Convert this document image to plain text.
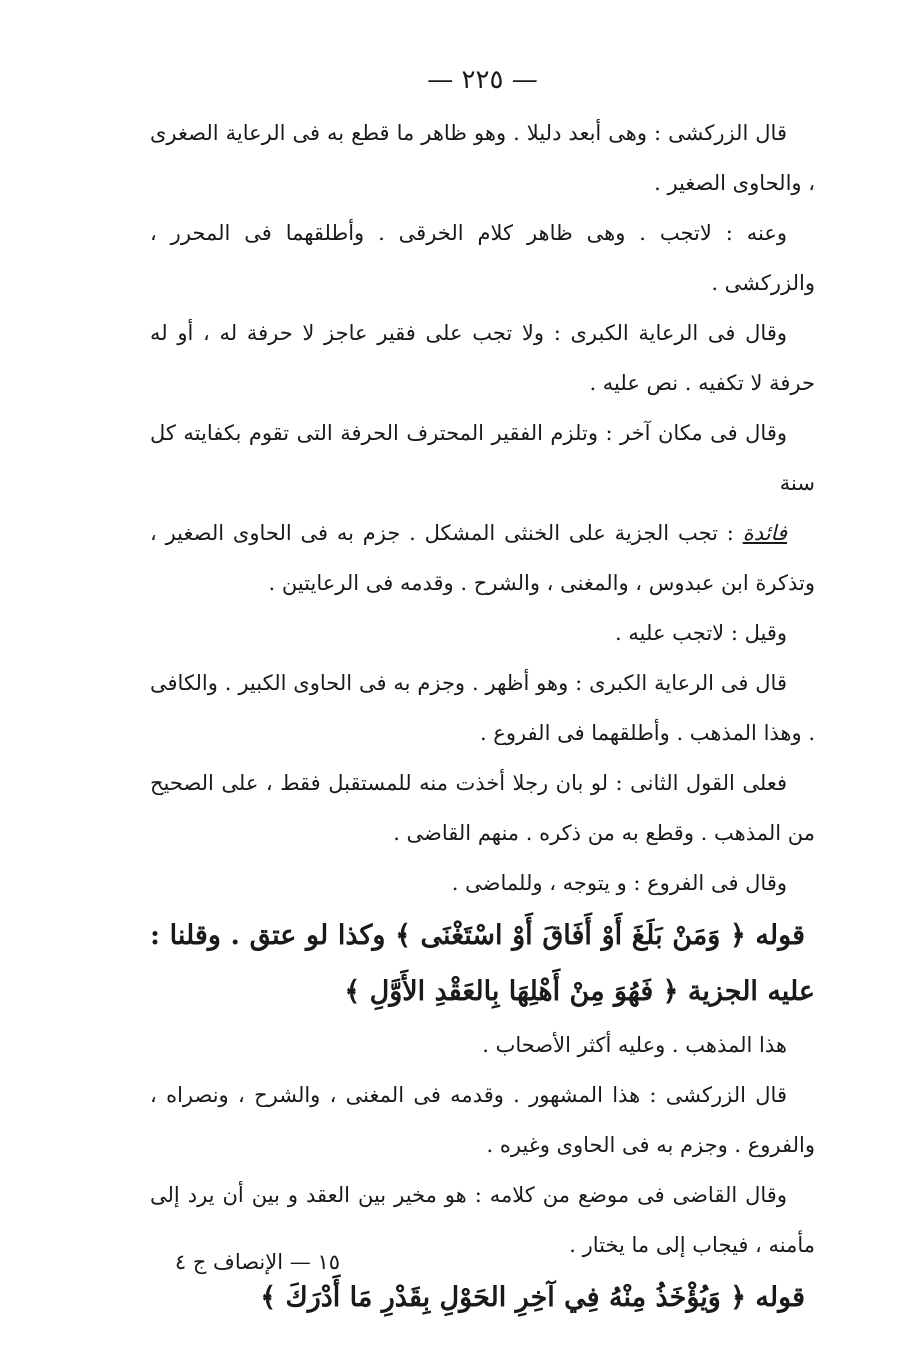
— ٢٢٥ —

قال الزركشى : وهى أبعد دليلا . وهو ظاهر ما قطع به فى الرعاية الصغرى ، والحاوى الصغير .

وعنه : لاتجب . وهى ظاهر كلام الخرقى . وأطلقهما فى المحرر ، والزركشى .

وقال فى الرعاية الكبرى : ولا تجب على فقير عاجز لا حرفة له ، أو له حرفة لا تكفيه . نص عليه .

وقال فى مكان آخر : وتلزم الفقير المحترف الحرفة التى تقوم بكفايته كل سنة

فائدة : تجب الجزية على الخنثى المشكل . جزم به فى الحاوى الصغير ، وتذكرة ابن عبدوس ، والمغنى ، والشرح . وقدمه فى الرعايتين .

وقيل : لاتجب عليه .

قال فى الرعاية الكبرى : وهو أظهر . وجزم به فى الحاوى الكبير . والكافى . وهذا المذهب . وأطلقهما فى الفروع .

فعلى القول الثانى : لو بان رجلا أخذت منه للمستقبل فقط ، على الصحيح من المذهب . وقطع به من ذكره . منهم القاضى .

وقال فى الفروع : و يتوجه ، وللماضى .

قوله ﴿ وَمَنْ بَلَغَ أَوْ أَفَاقَ أَوْ اسْتَغْنَى ﴾ وكذا لو عتق . وقلنا : عليه الجزية ﴿ فَهُوَ مِنْ أَهْلِهَا بِالعَقْدِ الأَوَّلِ ﴾

هذا المذهب . وعليه أكثر الأصحاب .

قال الزركشى : هذا المشهور . وقدمه فى المغنى ، والشرح ، ونصراه ، والفروع . وجزم به فى الحاوى وغيره .

وقال القاضى فى موضع من كلامه : هو مخير بين العقد و بين أن يرد إلى مأمنه ، فيجاب إلى ما يختار .

قوله ﴿ وَيُؤْخَذُ مِنْهُ فِي آخِرِ الحَوْلِ بِقَدْرِ مَا أَدْرَكَ ﴾

١٥ — الإنصاف ج ٤
